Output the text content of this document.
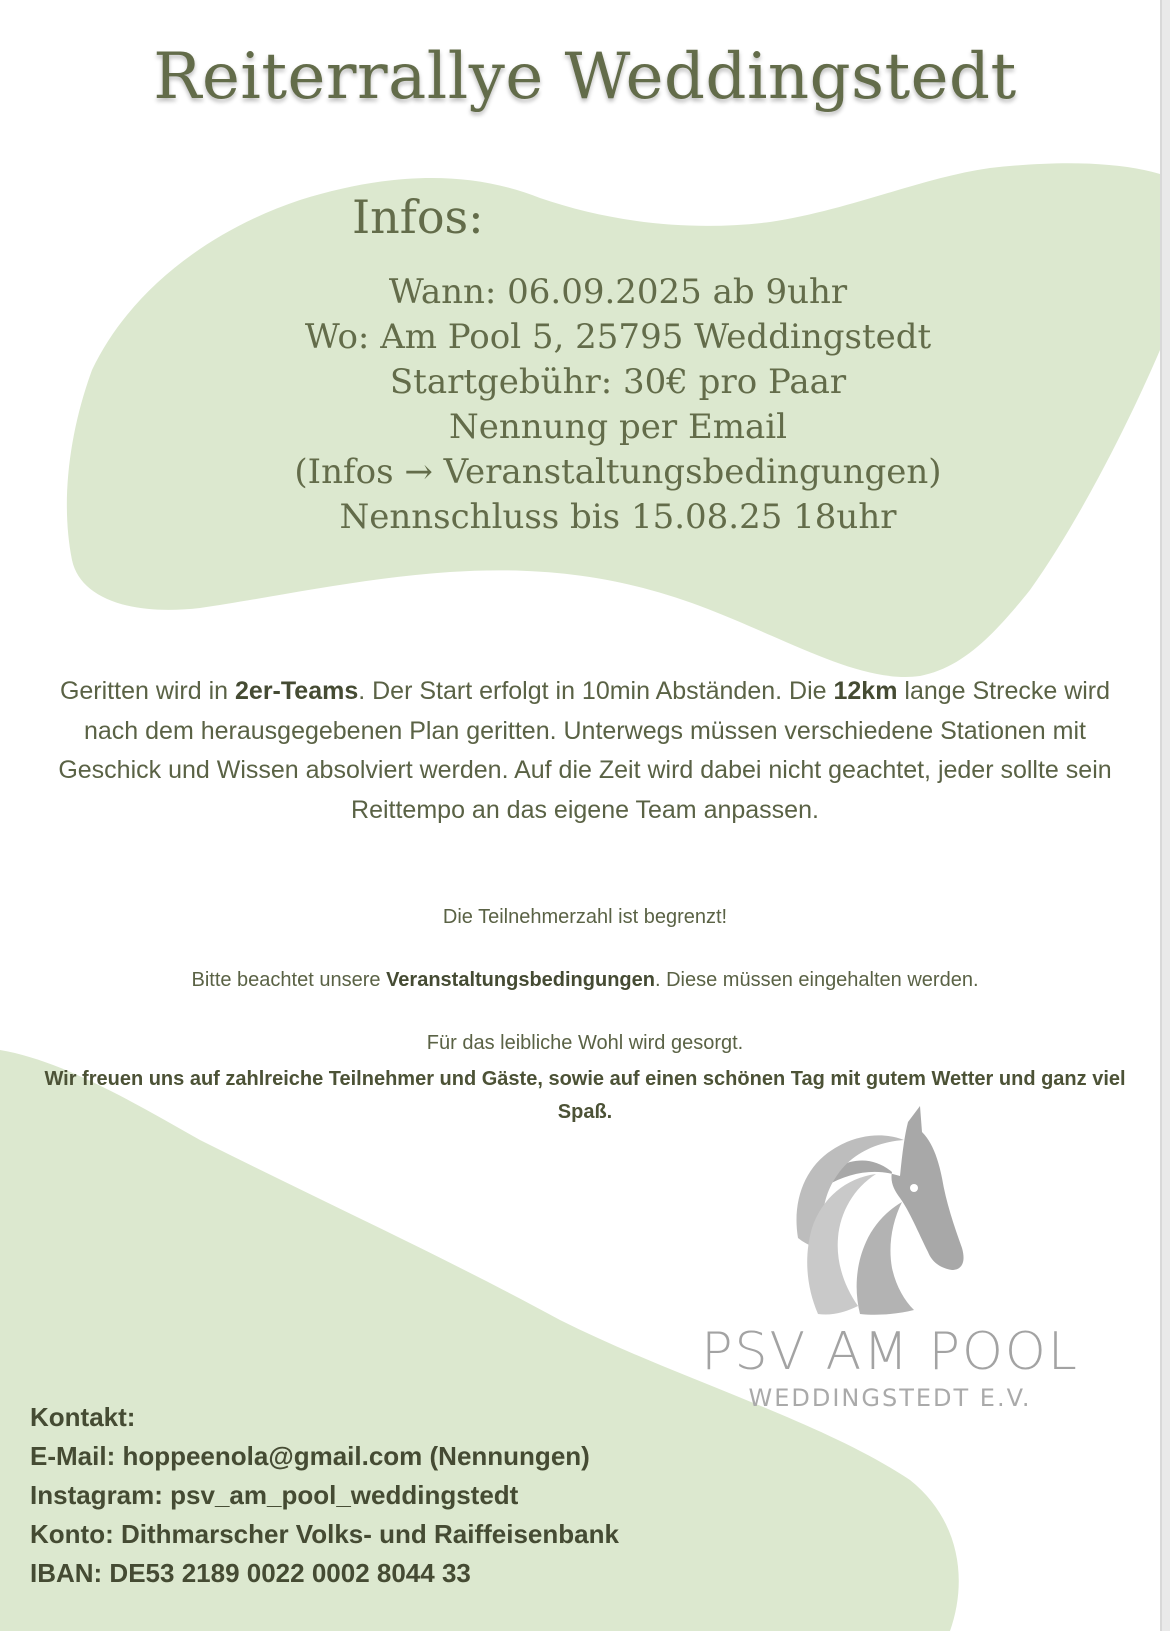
Reiterrallye Weddingstedt
Infos:
Wann: 06.09.2025 ab 9uhr
Wo: Am Pool 5, 25795 Weddingstedt
Startgebühr: 30€ pro Paar
Nennung per Email
(Infos → Veranstaltungsbedingungen)
Nennschluss bis 15.08.25 18uhr

Geritten wird in 2er-Teams. Der Start erfolgt in 10min Abständen. Die 12km lange Strecke wird nach dem herausgegebenen Plan geritten. Unterwegs müssen verschiedene Stationen mit Geschick und Wissen absolviert werden. Auf die Zeit wird dabei nicht geachtet, jeder sollte sein Reittempo an das eigene Team anpassen.

Die Teilnehmerzahl ist begrenzt!

Bitte beachtet unsere Veranstaltungsbedingungen. Diese müssen eingehalten werden.

Für das leibliche Wohl wird gesorgt.

Wir freuen uns auf zahlreiche Teilnehmer und Gäste, sowie auf einen schönen Tag mit gutem Wetter und ganz viel Spaß.

PSV AM POOL
WEDDINGSTEDT E.V.
Kontakt:
E-Mail: hoppeenola@gmail.com (Nennungen)
Instagram: psv_am_pool_weddingstedt
Konto: Dithmarscher Volks- und Raiffeisenbank
IBAN: DE53 2189 0022 0002 8044 33
